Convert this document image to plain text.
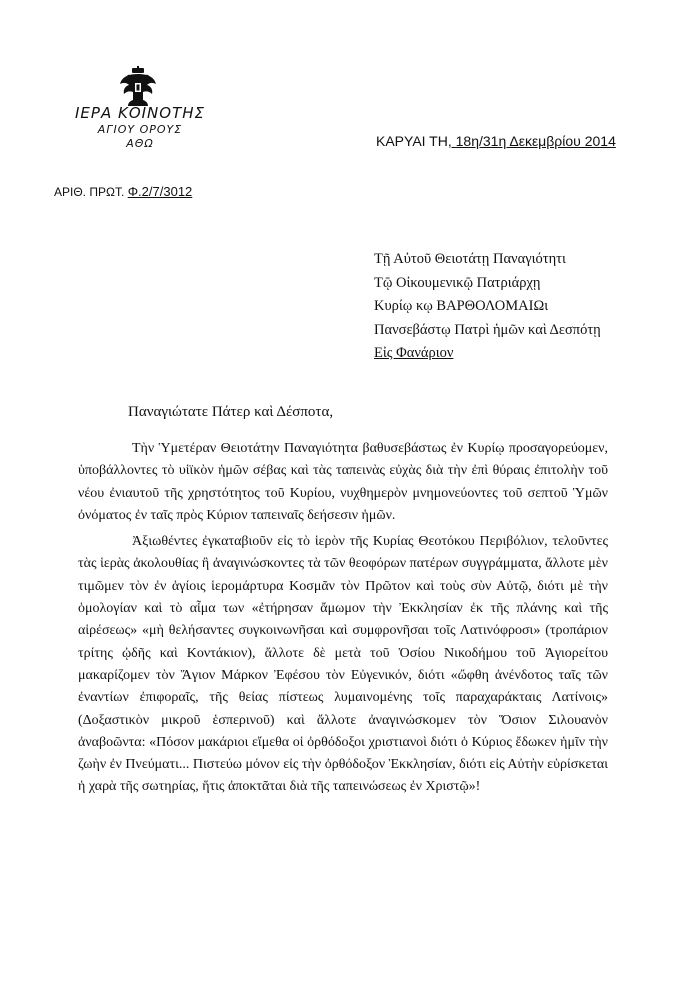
ΙΕΡΑ ΚΟΙΝΟΤΗΣ
ΑΓΙΟΥ ΟΡΟΥΣ
ΑΘΩ	ΚΑΡΥΑΙ ΤΗ, 18η/31η Δεκεμβρίου 2014
ΑΡΙΘ. ΠΡΩΤ. Φ.2/7/3012
Τῇ Αὐτοῦ Θειοτάτῃ Παναγιότητι
Τῷ Οἰκουμενικῷ Πατριάρχῃ
Κυρίῳ κῳ ΒΑΡΘΟΛΟΜΑΙΩι
Πανσεβάστῳ Πατρὶ ἡμῶν καὶ Δεσπότῃ
Εἰς Φανάριον
Παναγιώτατε Πάτερ καὶ Δέσποτα,

Τὴν Ὑμετέραν Θειοτάτην Παναγιότητα βαθυσεβάστως ἐν Κυρίῳ προσαγορεύομεν, ὑποβάλλοντες τὸ υἱϊκὸν ἡμῶν σέβας καὶ τὰς ταπεινὰς εὐχὰς διὰ τὴν ἐπὶ θύραις ἐπιτολὴν τοῦ νέου ἐνιαυτοῦ τῆς χρηστότητος τοῦ Κυρίου, νυχθημερὸν μνημονεύοντες τοῦ σεπτοῦ Ὑμῶν ὀνόματος ἐν ταῖς πρὸς Κύριον ταπειναῖς δεήσεσιν ἡμῶν.

Ἀξιωθέντες ἐγκαταβιοῦν εἰς τὸ ἱερὸν τῆς Κυρίας Θεοτόκου Περιβόλιον, τελοῦντες τὰς ἱερὰς ἀκολουθίας ἢ ἀναγινώσκοντες τὰ τῶν θεοφόρων πατέρων συγγράμματα, ἄλλοτε μὲν τιμῶμεν τὸν ἐν ἁγίοις ἱερομάρτυρα Κοσμᾶν τὸν Πρῶτον καὶ τοὺς σὺν Αὐτῷ, διότι μὲ τὴν ὁμολογίαν καὶ τὸ αἷμα των «ἐτήρησαν ἄμωμον τὴν Ἐκκλησίαν ἐκ τῆς πλάνης καὶ τῆς αἱρέσεως» «μὴ θελήσαντες συγκοινωνῆσαι καὶ συμφρονῆσαι τοῖς Λατινόφροσι» (τροπάριον τρίτης ᾠδῆς καὶ Κοντάκιον), ἄλλοτε δὲ μετὰ τοῦ Ὁσίου Νικοδήμου τοῦ Ἁγιορείτου μακαρίζομεν τὸν Ἅγιον Μάρκον Ἐφέσου τὸν Εὐγενικόν, διότι «ὤφθη ἀνένδοτος ταῖς τῶν ἐναντίων ἐπιφοραῖς, τῆς θείας πίστεως λυμαινομένης τοῖς παραχαράκταις Λατίνοις» (Δοξαστικὸν μικροῦ ἑσπερινοῦ) καὶ ἄλλοτε ἀναγινώσκομεν τὸν Ὅσιον Σιλουανὸν ἀναβοῶντα: «Πόσον μακάριοι εἴμεθα οἱ ὀρθόδοξοι χριστιανοὶ διότι ὁ Κύριος ἔδωκεν ἡμῖν τὴν ζωὴν ἐν Πνεύματι... Πιστεύω μόνον εἰς τὴν ὀρθόδοξον Ἐκκλησίαν, διότι εἰς Αὐτὴν εὑρίσκεται ἡ χαρὰ τῆς σωτηρίας, ἥτις ἀποκτᾶται διὰ τῆς ταπεινώσεως ἐν Χριστῷ»!
